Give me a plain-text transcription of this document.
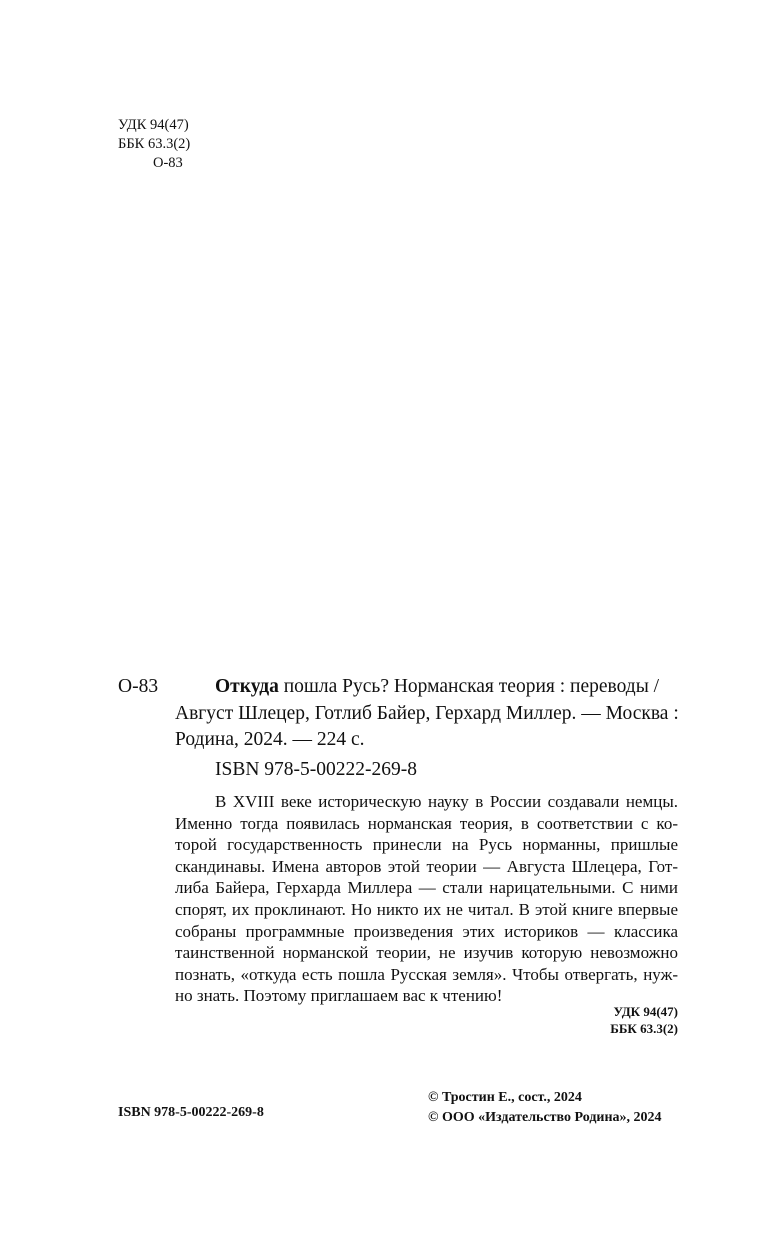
УДК 94(47)
ББК 63.3(2)
О-83
О-83	Откуда пошла Русь? Норманская теория : переводы /
Август Шлецер, Готлиб Байер, Герхард Миллер. — Москва :
Родина, 2024. — 224 с.
ISBN 978-5-00222-269-8
В XVIII веке историческую науку в России создавали немцы.
Именно тогда появилась норманская теория, в соответствии с ко-
торой государственность принесли на Русь норманны, пришлые
скандинавы. Имена авторов этой теории — Августа Шлецера, Гот-
либа Байера, Герхарда Миллера — стали нарицательными. С ними
спорят, их проклинают. Но никто их не читал. В этой книге впервые
собраны программные произведения этих историков — классика
таинственной норманской теории, не изучив которую невозможно
познать, «откуда есть пошла Русская земля». Чтобы отвергать, нуж-
но знать. Поэтому приглашаем вас к чтению!
УДК 94(47)
ББК 63.3(2)
ISBN 978-5-00222-269-8
© Тростин Е., сост., 2024
© ООО «Издательство Родина», 2024
